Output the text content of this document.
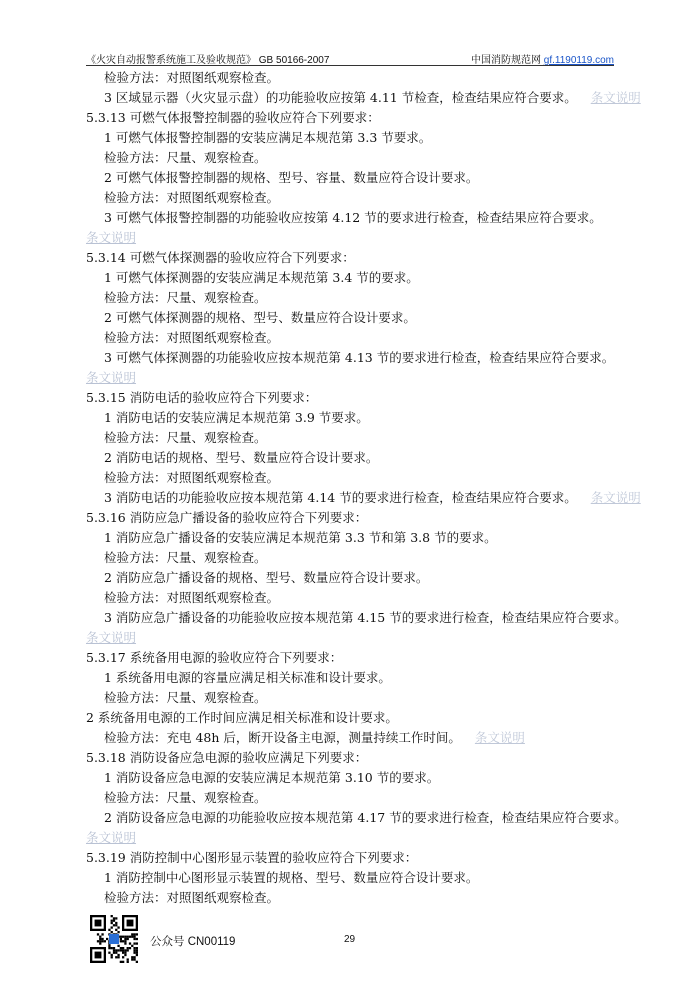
《火灾自动报警系统施工及验收规范》 GB 50166-2007	中国消防规范网 gf.1190119.com
检验方法：对照图纸观察检查。
3 区域显示器（火灾显示盘）的功能验收应按第 4.11 节检查，检查结果应符合要求。 条文说明
5.3.13 可燃气体报警控制器的验收应符合下列要求：
1 可燃气体报警控制器的安装应满足本规范第 3.3 节要求。
检验方法：尺量、观察检查。
2 可燃气体报警控制器的规格、型号、容量、数量应符合设计要求。
检验方法：对照图纸观察检查。
3 可燃气体报警控制器的功能验收应按第 4.12 节的要求进行检查，检查结果应符合要求。
条文说明
5.3.14 可燃气体探测器的验收应符合下列要求：
1 可燃气体探测器的安装应满足本规范第 3.4 节的要求。
检验方法：尺量、观察检查。
2 可燃气体探测器的规格、型号、数量应符合设计要求。
检验方法：对照图纸观察检查。
3 可燃气体探测器的功能验收应按本规范第 4.13 节的要求进行检查，检查结果应符合要求。
条文说明
5.3.15 消防电话的验收应符合下列要求：
1 消防电话的安装应满足本规范第 3.9 节要求。
检验方法：尺量、观察检查。
2 消防电话的规格、型号、数量应符合设计要求。
检验方法：对照图纸观察检查。
3 消防电话的功能验收应按本规范第 4.14 节的要求进行检查，检查结果应符合要求。 条文说明
5.3.16 消防应急广播设备的验收应符合下列要求：
1 消防应急广播设备的安装应满足本规范第 3.3 节和第 3.8 节的要求。
检验方法：尺量、观察检查。
2 消防应急广播设备的规格、型号、数量应符合设计要求。
检验方法：对照图纸观察检查。
3 消防应急广播设备的功能验收应按本规范第 4.15 节的要求进行检查，检查结果应符合要求。
条文说明
5.3.17 系统备用电源的验收应符合下列要求：
1 系统备用电源的容量应满足相关标准和设计要求。
检验方法：尺量、观察检查。
2 系统备用电源的工作时间应满足相关标准和设计要求。
检验方法：充电 48h 后，断开设备主电源，测量持续工作时间。 条文说明
5.3.18 消防设备应急电源的验收应满足下列要求：
1 消防设备应急电源的安装应满足本规范第 3.10 节的要求。
检验方法：尺量、观察检查。
2 消防设备应急电源的功能验收应按本规范第 4.17 节的要求进行检查，检查结果应符合要求。
条文说明
5.3.19 消防控制中心图形显示装置的验收应符合下列要求：
1 消防控制中心图形显示装置的规格、型号、数量应符合设计要求。
检验方法：对照图纸观察检查。
公众号 CN00119	29
